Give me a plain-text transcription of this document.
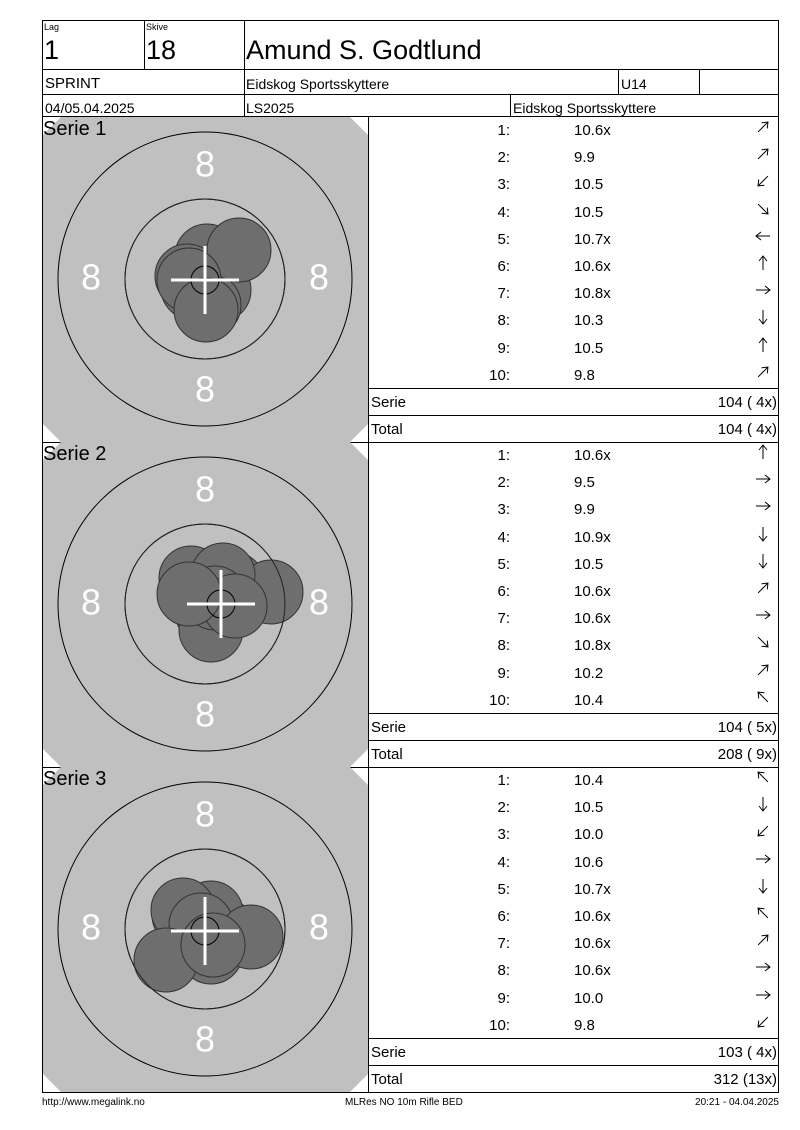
Lag
1
Skive
18	Amund S. Godtlund
SPRINT	Eidskog Sportsskyttere	U14
04/05.04.2025	LS2025	Eidskog Sportsskyttere
8
8
8	8
Serie 1	1:	10.6x
2:	9.9
3:	10.5
4:	10.5
5:	10.7x
6:	10.6x
7:	10.8x
8:	10.3
9:	10.5
10:	9.8
Serie	104 ( 4x)
Total	104 ( 4x)
8
8
8	8
Serie 2	1:	10.6x
2:	9.5
3:	9.9
4:	10.9x
5:	10.5
6:	10.6x
7:	10.6x
8:	10.8x
9:	10.2
10:	10.4
Serie	104 ( 5x)
Total	208 ( 9x)
8
8
8	8
Serie 3	1:	10.4
2:	10.5
3:	10.0
4:	10.6
5:	10.7x
6:	10.6x
7:	10.6x
8:	10.6x
9:	10.0
10:	9.8
Serie	103 ( 4x)
Total	312 (13x)
http://www.megalink.no	MLRes NO 10m Rifle BED	20:21 - 04.04.2025
